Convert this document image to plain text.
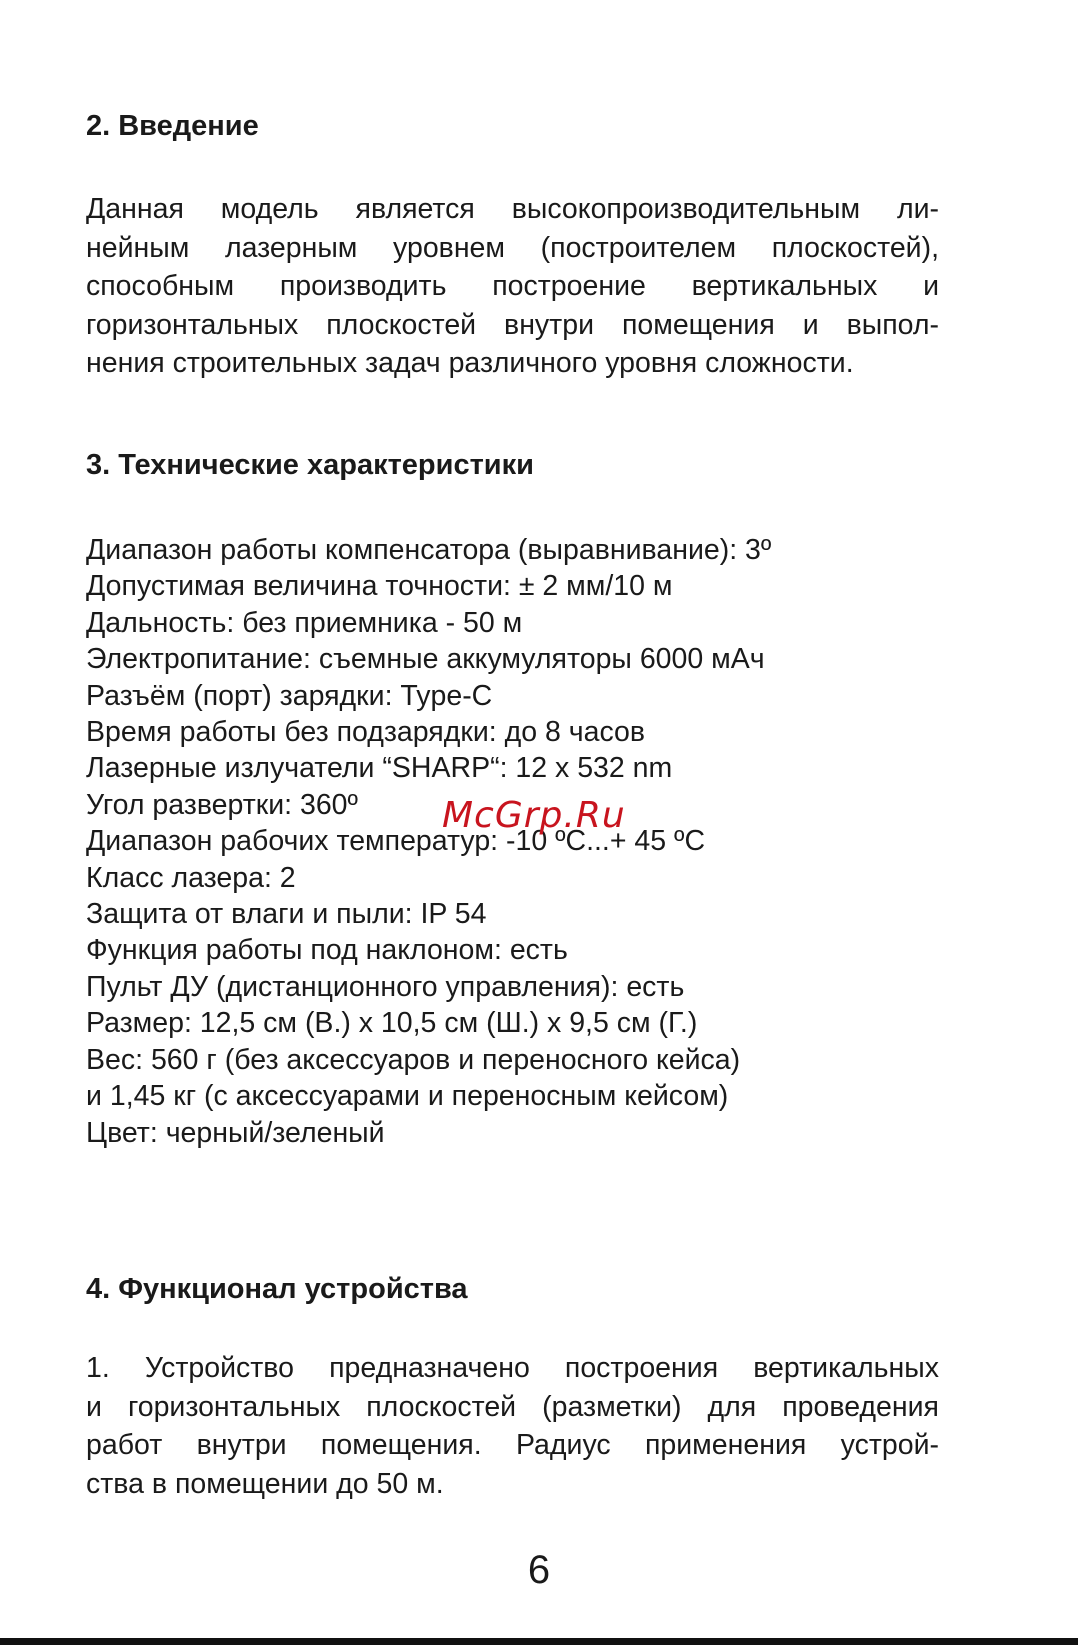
2. Введение
Данная модель является высокопроизводительным ли-
нейным лазерным уровнем (построителем плоскостей),
способным производить построение вертикальных и
горизонтальных плоскостей внутри помещения и выпол-
нения строительных задач различного уровня сложности.
3. Технические характеристики
Диапазон работы компенсатора (выравнивание): 3º
Допустимая величина точности: ± 2 мм/10 м
Дальность: без приемника - 50 м
Электропитание: съемные аккумуляторы 6000 мАч
Разъём (порт) зарядки: Type-C
Время работы без подзарядки: до 8 часов
Лазерные излучатели “SHARP“: 12 x 532 nm
Угол развертки: 360º
Диапазон рабочих температур: -10 ºС...+ 45 ºС
Класс лазера: 2
Защита от влаги и пыли: IP 54
Функция работы под наклоном: есть
Пульт ДУ (дистанционного управления): есть
Размер: 12,5 см (В.) х 10,5 см (Ш.) х 9,5 см (Г.)
Вес: 560 г (без аксессуаров и переносного кейса)
и 1,45 кг (с аксессуарами и переносным кейсом)
Цвет: черный/зеленый
McGrp.Ru
4. Функционал устройства
1. Устройство предназначено построения вертикальных
и горизонтальных плоскостей (разметки) для проведения
работ внутри помещения. Радиус применения устрой-
ства в помещении до 50 м.
6
